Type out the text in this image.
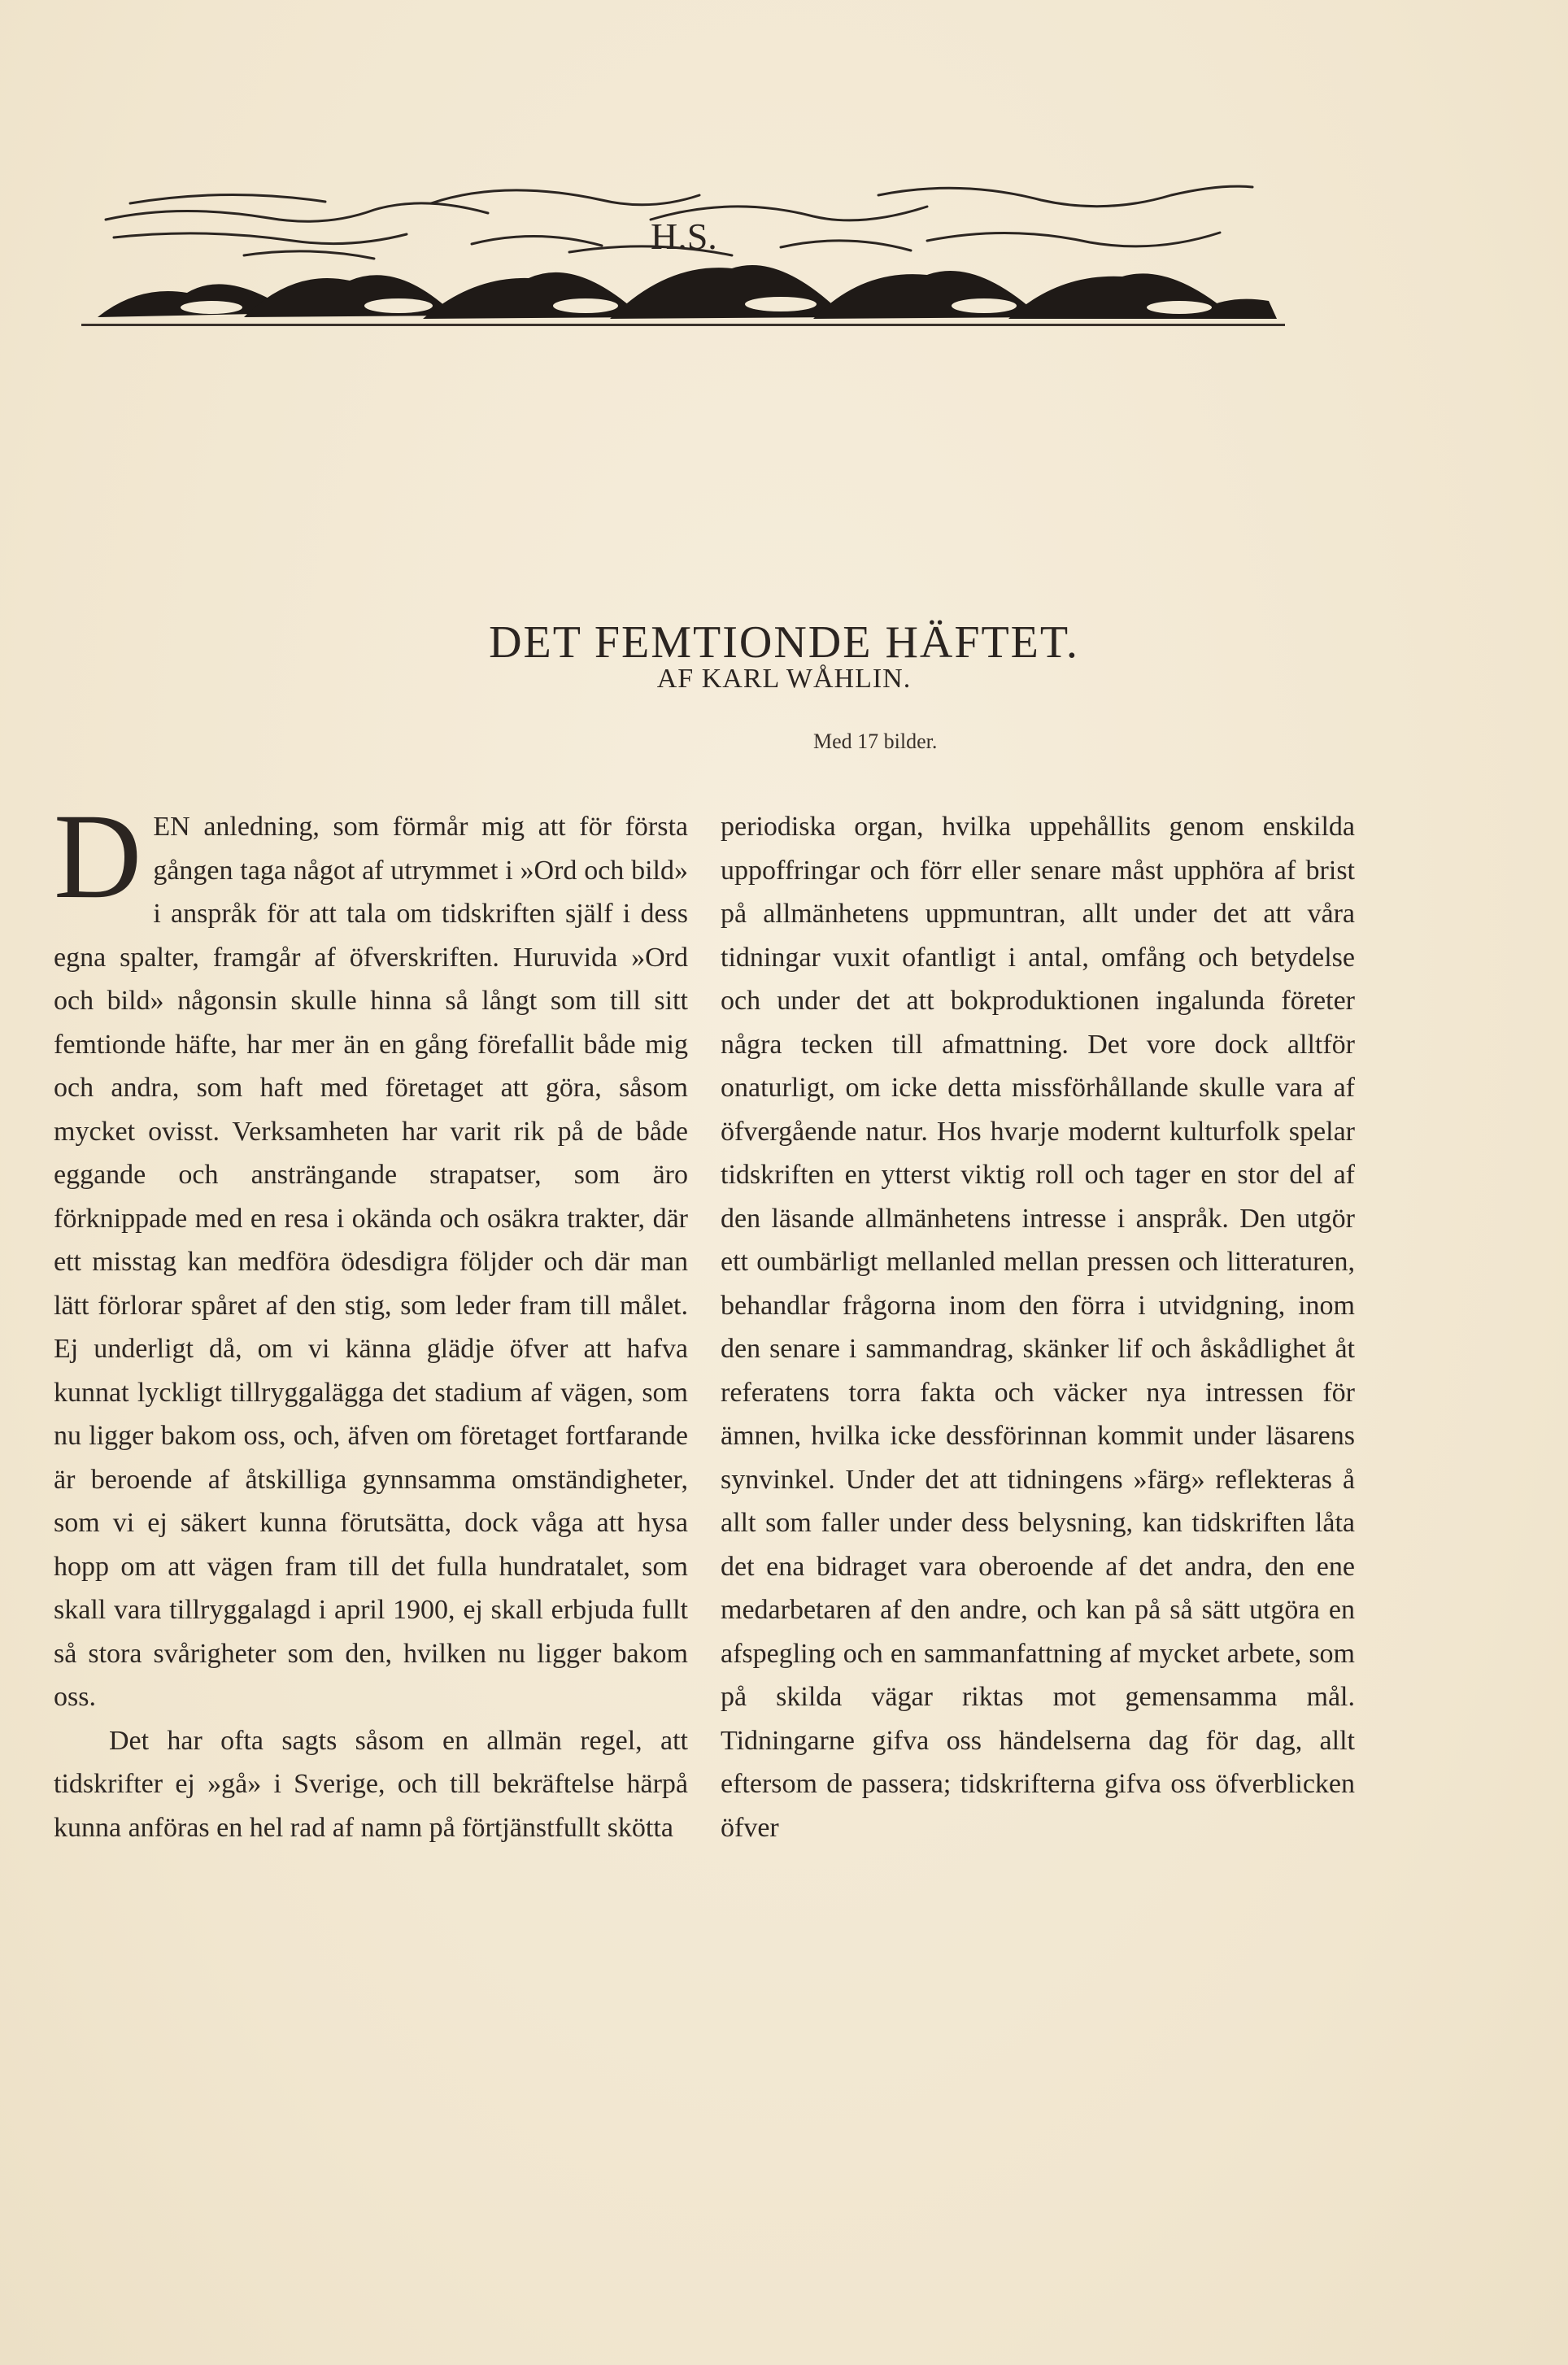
H.S.
DET FEMTIONDE HÄFTET.
AF KARL WÅHLIN.
Med 17 bilder.

DEN anledning, som förmår mig att för första gången taga något af utrymmet i »Ord och bild» i anspråk för att tala om tidskriften själf i dess egna spalter, framgår af öfverskriften. Huruvida »Ord och bild» någonsin skulle hinna så långt som till sitt femtionde häfte, har mer än en gång förefallit både mig och andra, som haft med företaget att göra, såsom mycket ovisst. Verksamheten har varit rik på de både eggande och ansträngande strapatser, som äro förknippade med en resa i okända och osäkra trakter, där ett misstag kan medföra ödesdigra följder och där man lätt förlorar spåret af den stig, som leder fram till målet. Ej underligt då, om vi känna glädje öfver att hafva kunnat lyckligt tillryggalägga det stadium af vägen, som nu ligger bakom oss, och, äfven om företaget fortfarande är beroende af åtskilliga gynnsamma omständigheter, som vi ej säkert kunna förutsätta, dock våga att hysa hopp om att vägen fram till det fulla hundratalet, som skall vara tillryggalagd i april 1900, ej skall erbjuda fullt så stora svårigheter som den, hvilken nu ligger bakom oss.

Det har ofta sagts såsom en allmän regel, att tidskrifter ej »gå» i Sverige, och till bekräftelse härpå kunna anföras en hel rad af namn på förtjänstfullt skötta

periodiska organ, hvilka uppehållits genom enskilda uppoffringar och förr eller senare måst upphöra af brist på allmänhetens uppmuntran, allt under det att våra tidningar vuxit ofantligt i antal, omfång och betydelse och under det att bokproduktionen ingalunda företer några tecken till afmattning. Det vore dock alltför onaturligt, om icke detta missförhållande skulle vara af öfvergående natur. Hos hvarje modernt kulturfolk spelar tidskriften en ytterst viktig roll och tager en stor del af den läsande allmänhetens intresse i anspråk. Den utgör ett oumbärligt mellanled mellan pressen och litteraturen, behandlar frågorna inom den förra i utvidgning, inom den senare i sammandrag, skänker lif och åskådlighet åt referatens torra fakta och väcker nya intressen för ämnen, hvilka icke dessförinnan kommit under läsarens synvinkel. Under det att tidningens »färg» reflekteras å allt som faller under dess belysning, kan tidskriften låta det ena bidraget vara oberoende af det andra, den ene medarbetaren af den andre, och kan på så sätt utgöra en afspegling och en sammanfattning af mycket arbete, som på skilda vägar riktas mot gemensamma mål. Tidningarne gifva oss händelserna dag för dag, allt eftersom de passera; tidskrifterna gifva oss öfverblicken öfver
